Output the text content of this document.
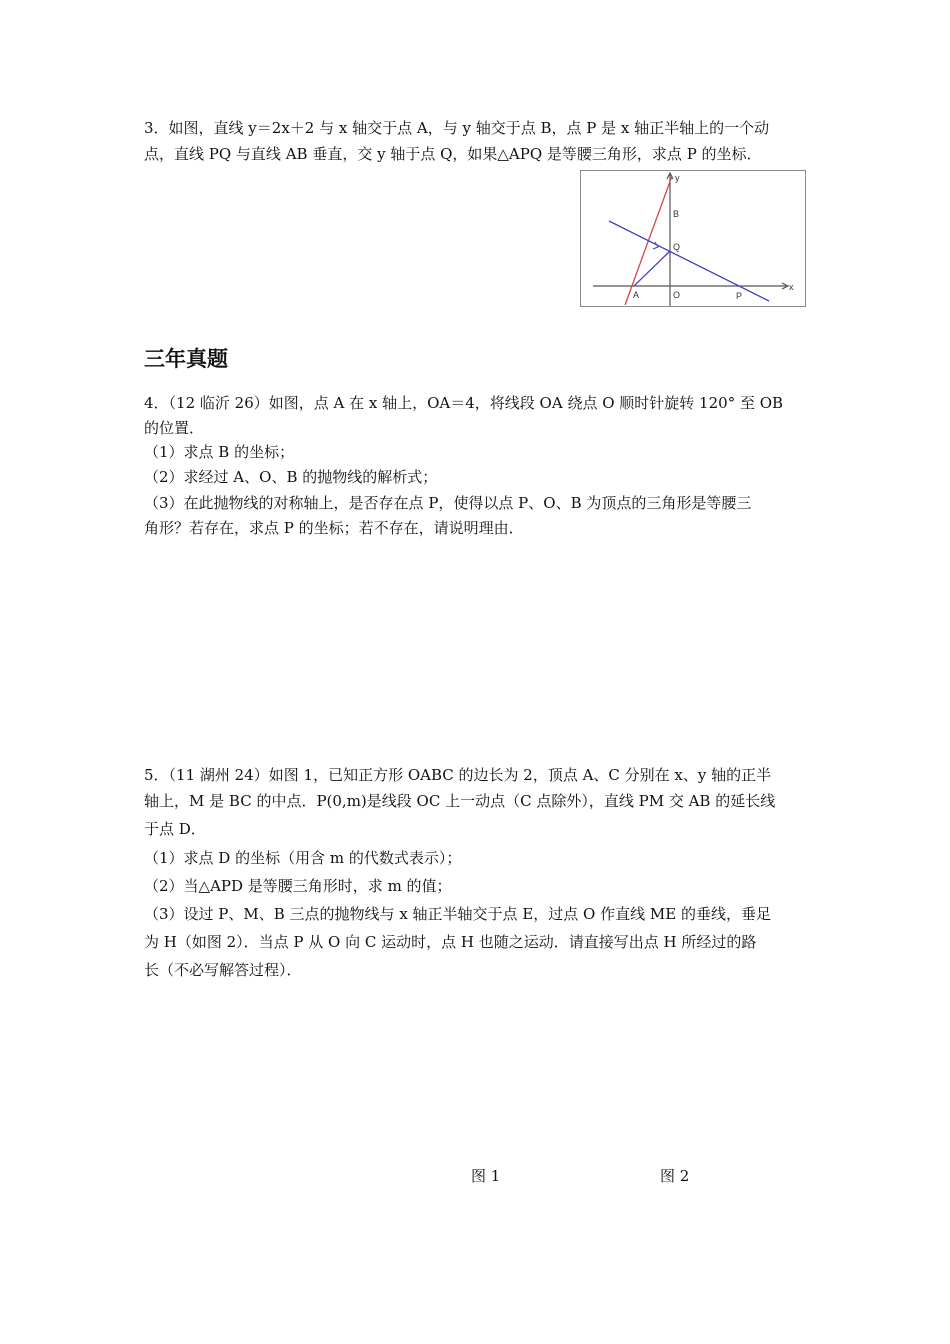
3．如图，直线 y＝2x＋2 与 x 轴交于点 A，与 y 轴交于点 B，点 P 是 x 轴正半轴上的一个动
点，直线 PQ 与直线 AB 垂直，交 y 轴于点 Q，如果△APQ 是等腰三角形，求点 P 的坐标．
y
x
B
Q
A	O	P
三年真题
4．（12 临沂 26）如图，点 A 在 x 轴上，OA＝4，将线段 OA 绕点 O 顺时针旋转 120° 至 OB
的位置．
（1）求点 B 的坐标；
（2）求经过 A、O、B 的抛物线的解析式；
（3）在此抛物线的对称轴上，是否存在点 P，使得以点 P、O、B 为顶点的三角形是等腰三
角形？若存在，求点 P 的坐标；若不存在，请说明理由．
5．（11 湖州 24）如图 1，已知正方形 OABC 的边长为 2，顶点 A、C 分别在 x、y 轴的正半
轴上，M 是 BC 的中点．P(0,m)是线段 OC 上一动点（C 点除外），直线 PM 交 AB 的延长线
于点 D．
（1）求点 D 的坐标（用含 m 的代数式表示）；
（2）当△APD 是等腰三角形时，求 m 的值；
（3）设过 P、M、B 三点的抛物线与 x 轴正半轴交于点 E，过点 O 作直线 ME 的垂线，垂足
为 H（如图 2）．当点 P 从 O 向 C 运动时，点 H 也随之运动．请直接写出点 H 所经过的路
长（不必写解答过程）．
图 1	图 2
